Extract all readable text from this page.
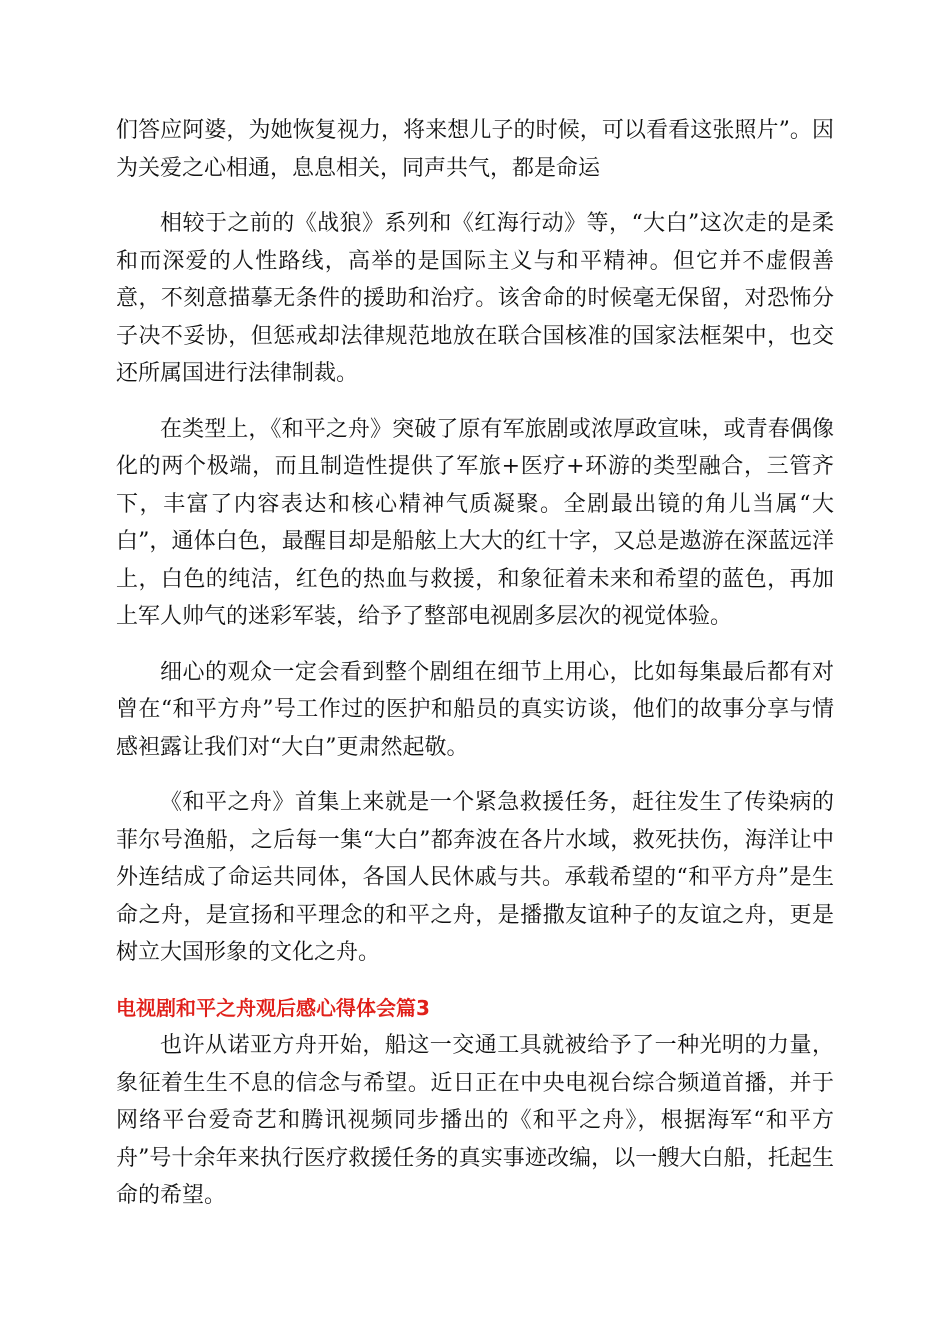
们答应阿婆，为她恢复视力，将来想儿子的时候，可以看看这张照片”。因为关爱之心相通，息息相关，同声共气，都是命运

相较于之前的《战狼》系列和《红海行动》等，“大白”这次走的是柔和而深爱的人性路线，高举的是国际主义与和平精神。但它并不虚假善意，不刻意描摹无条件的援助和治疗。该舍命的时候毫无保留，对恐怖分子决不妥协，但惩戒却法律规范地放在联合国核准的国家法框架中，也交还所属国进行法律制裁。

在类型上，《和平之舟》突破了原有军旅剧或浓厚政宣味，或青春偶像化的两个极端，而且制造性提供了军旅+医疗+环游的类型融合，三管齐下，丰富了内容表达和核心精神气质凝聚。全剧最出镜的角儿当属“大白”，通体白色，最醒目却是船舷上大大的红十字，又总是遨游在深蓝远洋上，白色的纯洁，红色的热血与救援，和象征着未来和希望的蓝色，再加上军人帅气的迷彩军装，给予了整部电视剧多层次的视觉体验。

细心的观众一定会看到整个剧组在细节上用心，比如每集最后都有对曾在“和平方舟”号工作过的医护和船员的真实访谈，他们的故事分享与情感袒露让我们对“大白”更肃然起敬。

《和平之舟》首集上来就是一个紧急救援任务，赶往发生了传染病的菲尔号渔船，之后每一集“大白”都奔波在各片水域，救死扶伤，海洋让中外连结成了命运共同体，各国人民休戚与共。承载希望的“和平方舟”是生命之舟，是宣扬和平理念的和平之舟，是播撒友谊种子的友谊之舟，更是树立大国形象的文化之舟。

电视剧和平之舟观后感心得体会篇3

也许从诺亚方舟开始，船这一交通工具就被给予了一种光明的力量，象征着生生不息的信念与希望。近日正在中央电视台综合频道首播，并于网络平台爱奇艺和腾讯视频同步播出的《和平之舟》，根据海军“和平方舟”号十余年来执行医疗救援任务的真实事迹改编，以一艘大白船，托起生命的希望。
